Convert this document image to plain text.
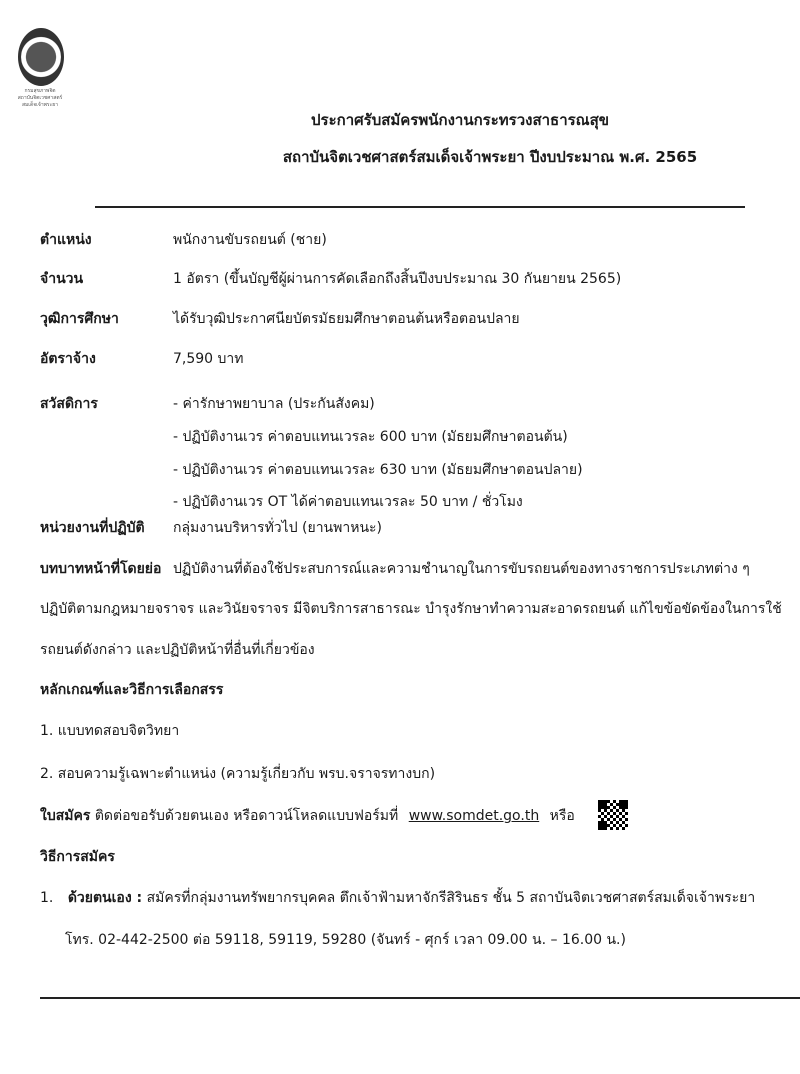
กรมสุขภาพจิต
สถาบันจิตเวชศาสตร์สมเด็จเจ้าพระยา
ประกาศรับสมัครพนักงานกระทรวงสาธารณสุข
สถาบันจิตเวชศาสตร์สมเด็จเจ้าพระยา ปีงบประมาณ พ.ศ. 2565
ตำแหน่ง	พนักงานขับรถยนต์ (ชาย)
จำนวน	1 อัตรา (ขึ้นบัญชีผู้ผ่านการคัดเลือกถึงสิ้นปีงบประมาณ 30 กันยายน 2565)
วุฒิการศึกษา	ได้รับวุฒิประกาศนียบัตรมัธยมศึกษาตอนต้นหรือตอนปลาย
อัตราจ้าง	7,590 บาท
สวัสดิการ	- ค่ารักษาพยาบาล (ประกันสังคม)
- ปฏิบัติงานเวร ค่าตอบแทนเวรละ 600 บาท (มัธยมศึกษาตอนต้น)
- ปฏิบัติงานเวร ค่าตอบแทนเวรละ 630 บาท (มัธยมศึกษาตอนปลาย)
- ปฏิบัติงานเวร OT ได้ค่าตอบแทนเวรละ 50 บาท / ชั่วโมง
หน่วยงานที่ปฏิบัติ กลุ่มงานบริหารทั่วไป (ยานพาหนะ)
บทบาทหน้าที่โดยย่อ ปฏิบัติงานที่ต้องใช้ประสบการณ์และความชำนาญในการขับรถยนต์ของทางราชการประเภทต่าง ๆ
ปฏิบัติตามกฎหมายจราจร และวินัยจราจร มีจิตบริการสาธารณะ บำรุงรักษาทำความสะอาดรถยนต์ แก้ไขข้อขัดข้องในการใช้
รถยนต์ดังกล่าว และปฏิบัติหน้าที่อื่นที่เกี่ยวข้อง
หลักเกณฑ์และวิธีการเลือกสรร
1. แบบทดสอบจิตวิทยา
2. สอบความรู้เฉพาะตำแหน่ง (ความรู้เกี่ยวกับ พรบ.จราจรทางบก)
ใบสมัคร ติดต่อขอรับด้วยตนเอง หรือดาวน์โหลดแบบฟอร์มที่ www.somdet.go.th หรือ
วิธีการสมัคร
1. ด้วยตนเอง : สมัครที่กลุ่มงานทรัพยากรบุคคล ตึกเจ้าฟ้ามหาจักรีสิรินธร ชั้น 5 สถาบันจิตเวชศาสตร์สมเด็จเจ้าพระยา
โทร. 02-442-2500 ต่อ 59118, 59119, 59280 (จันทร์ - ศุกร์ เวลา 09.00 น. – 16.00 น.)
